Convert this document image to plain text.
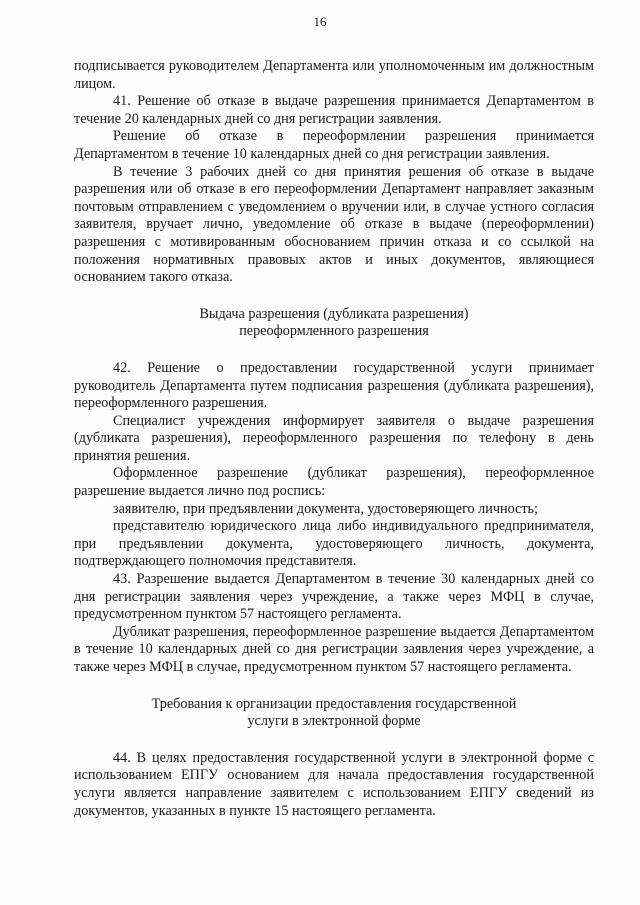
16

подписывается руководителем Департамента или уполномоченным им должностным лицом.

41. Решение об отказе в выдаче разрешения принимается Департаментом в течение 20 календарных дней со дня регистрации заявления.

Решение об отказе в переоформлении разрешения принимается Департаментом в течение 10 календарных дней со дня регистрации заявления.

В течение 3 рабочих дней со дня принятия решения об отказе в выдаче разрешения или об отказе в его переоформлении Департамент направляет заказным почтовым отправлением с уведомлением о вручении или, в случае устного согласия заявителя, вручает лично, уведомление об отказе в выдаче (переоформлении) разрешения с мотивированным обоснованием причин отказа и со ссылкой на положения нормативных правовых актов и иных документов, являющиеся основанием такого отказа.

Выдача разрешения (дубликата разрешения)
переоформленного разрешения

42. Решение о предоставлении государственной услуги принимает руководитель Департамента путем подписания разрешения (дубликата разрешения), переоформленного разрешения.

Специалист учреждения информирует заявителя о выдаче разрешения (дубликата разрешения), переоформленного разрешения по телефону в день принятия решения.

Оформленное разрешение (дубликат разрешения), переоформленное разрешение выдается лично под роспись:

заявителю, при предъявлении документа, удостоверяющего личность;

представителю юридического лица либо индивидуального предпринимателя, при предъявлении документа, удостоверяющего личность, документа, подтверждающего полномочия представителя.

43. Разрешение выдается Департаментом в течение 30 календарных дней со дня регистрации заявления через учреждение, а также через МФЦ в случае, предусмотренном пунктом 57 настоящего регламента.

Дубликат разрешения, переоформленное разрешение выдается Департаментом в течение 10 календарных дней со дня регистрации заявления через учреждение, а также через МФЦ в случае, предусмотренном пунктом 57 настоящего регламента.

Требования к организации предоставления государственной
услуги в электронной форме

44. В целях предоставления государственной услуги в электронной форме с использованием ЕПГУ основанием для начала предоставления государственной услуги является направление заявителем с использованием ЕПГУ сведений из документов, указанных в пункте 15 настоящего регламента.
